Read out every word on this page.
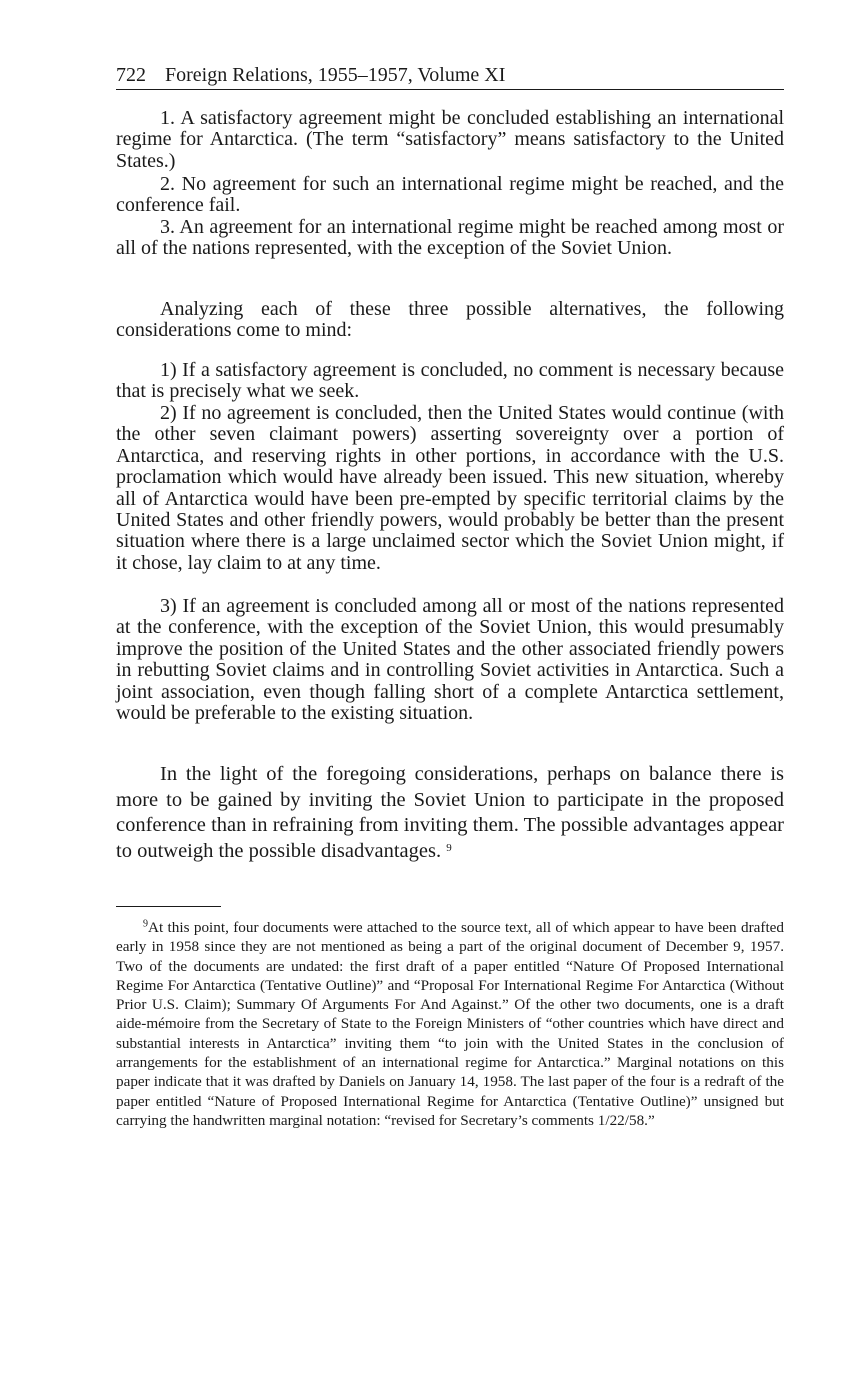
722 Foreign Relations, 1955–1957, Volume XI

1. A satisfactory agreement might be concluded establishing an international regime for Antarctica. (The term “satisfactory” means satisfactory to the United States.)

2. No agreement for such an international regime might be reached, and the conference fail.

3. An agreement for an international regime might be reached among most or all of the nations represented, with the exception of the Soviet Union.

Analyzing each of these three possible alternatives, the following considerations come to mind:

1) If a satisfactory agreement is concluded, no comment is necessary because that is precisely what we seek.

2) If no agreement is concluded, then the United States would continue (with the other seven claimant powers) asserting sovereignty over a portion of Antarctica, and reserving rights in other portions, in accordance with the U.S. proclamation which would have already been issued. This new situation, whereby all of Antarctica would have been pre-empted by specific territorial claims by the United States and other friendly powers, would probably be better than the present situation where there is a large unclaimed sector which the Soviet Union might, if it chose, lay claim to at any time.

3) If an agreement is concluded among all or most of the nations represented at the conference, with the exception of the Soviet Union, this would presumably improve the position of the United States and the other associated friendly powers in rebutting Soviet claims and in controlling Soviet activities in Antarctica. Such a joint association, even though falling short of a complete Antarctica settlement, would be preferable to the existing situation.

In the light of the foregoing considerations, perhaps on balance there is more to be gained by inviting the Soviet Union to participate in the proposed conference than in refraining from inviting them. The possible advantages appear to outweigh the possible disadvantages. $^9$

$^9$At this point, four documents were attached to the source text, all of which appear to have been drafted early in 1958 since they are not mentioned as being a part of the original document of December 9, 1957. Two of the documents are undated: the first draft of a paper entitled “Nature Of Proposed International Regime For Antarctica (Tentative Outline)” and “Proposal For International Regime For Antarctica (Without Prior U.S. Claim); Summary Of Arguments For And Against.” Of the other two documents, one is a draft aide-mémoire from the Secretary of State to the Foreign Ministers of “other countries which have direct and substantial interests in Antarctica” inviting them “to join with the United States in the conclusion of arrangements for the establishment of an international regime for Antarctica.” Marginal notations on this paper indicate that it was drafted by Daniels on January 14, 1958. The last paper of the four is a redraft of the paper entitled “Nature of Proposed International Regime for Antarctica (Tentative Outline)” unsigned but carrying the handwritten marginal notation: “revised for Secretary’s comments 1/22/58.”
